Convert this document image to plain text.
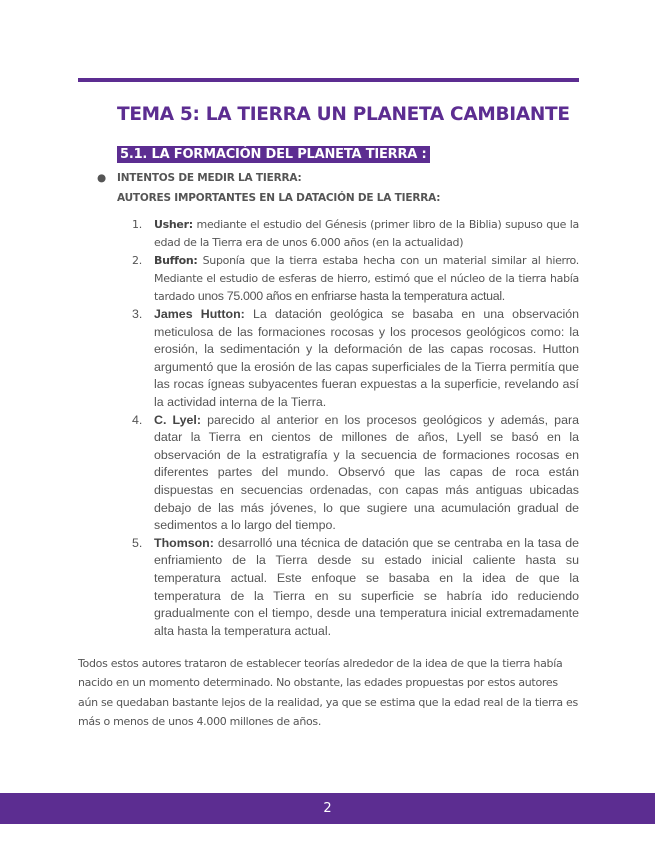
TEMA 5: LA TIERRA UN PLANETA CAMBIANTE
5.1. LA FORMACIÓN DEL PLANETA TIERRA :
● INTENTOS DE MEDIR LA TIERRA:
AUTORES IMPORTANTES EN LA DATACIÓN DE LA TIERRA:
1.	Usher: mediante el estudio del Génesis (primer libro de la Biblia) supuso que la edad de la Tierra era de unos 6.000 años (en la actualidad)
2.	Buffon: Suponía que la tierra estaba hecha con un material similar al hierro. Mediante el estudio de esferas de hierro, estimó que el núcleo de la tierra había tardado unos 75.000 años en enfriarse hasta la temperatura actual.
3. James Hutton: La datación geológica se basaba en una observación meticulosa de las formaciones rocosas y los procesos geológicos como: la erosión, la sedimentación y la deformación de las capas rocosas. Hutton argumentó que la erosión de las capas superficiales de la Tierra permitía que las rocas ígneas subyacentes fueran expuestas a la superficie, revelando así la actividad interna de la Tierra.
4. C. Lyel: parecido al anterior en los procesos geológicos y además, para datar la Tierra en cientos de millones de años, Lyell se basó en la observación de la estratigrafía y la secuencia de formaciones rocosas en diferentes partes del mundo. Observó que las capas de roca están dispuestas en secuencias ordenadas, con capas más antiguas ubicadas debajo de las más jóvenes, lo que sugiere una acumulación gradual de sedimentos a lo largo del tiempo.
5. Thomson: desarrolló una técnica de datación que se centraba en la tasa de enfriamiento de la Tierra desde su estado inicial caliente hasta su temperatura actual. Este enfoque se basaba en la idea de que la temperatura de la Tierra en su superficie se habría ido reduciendo gradualmente con el tiempo, desde una temperatura inicial extremadamente alta hasta la temperatura actual.

Todos estos autores trataron de establecer teorías alrededor de la idea de que la tierra había nacido en un momento determinado. No obstante, las edades propuestas por estos autores aún se quedaban bastante lejos de la realidad, ya que se estima que la edad real de la tierra es más o menos de unos 4.000 millones de años.

2
